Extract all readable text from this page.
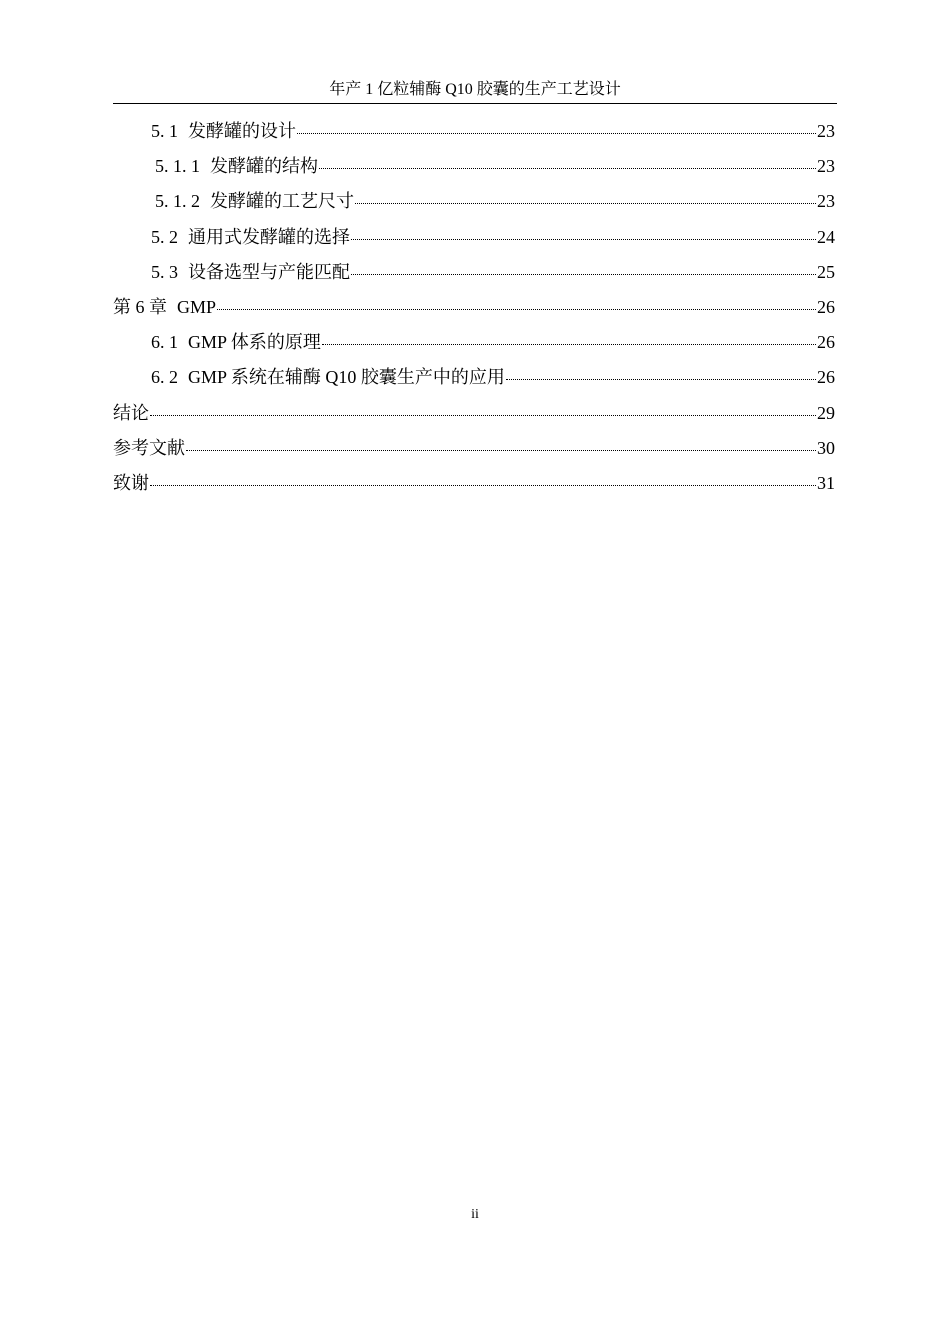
年产 1 亿粒辅酶 Q10 胶囊的生产工艺设计
5. 1 发酵罐的设计	23
5. 1. 1 发酵罐的结构	23
5. 1. 2 发酵罐的工艺尺寸	23
5. 2 通用式发酵罐的选择	24
5. 3 设备选型与产能匹配	25
第 6 章 GMP	26
6. 1 GMP 体系的原理	26
6. 2 GMP 系统在辅酶 Q10 胶囊生产中的应用	26
结论	29
参考文献	30
致谢	31
ii
